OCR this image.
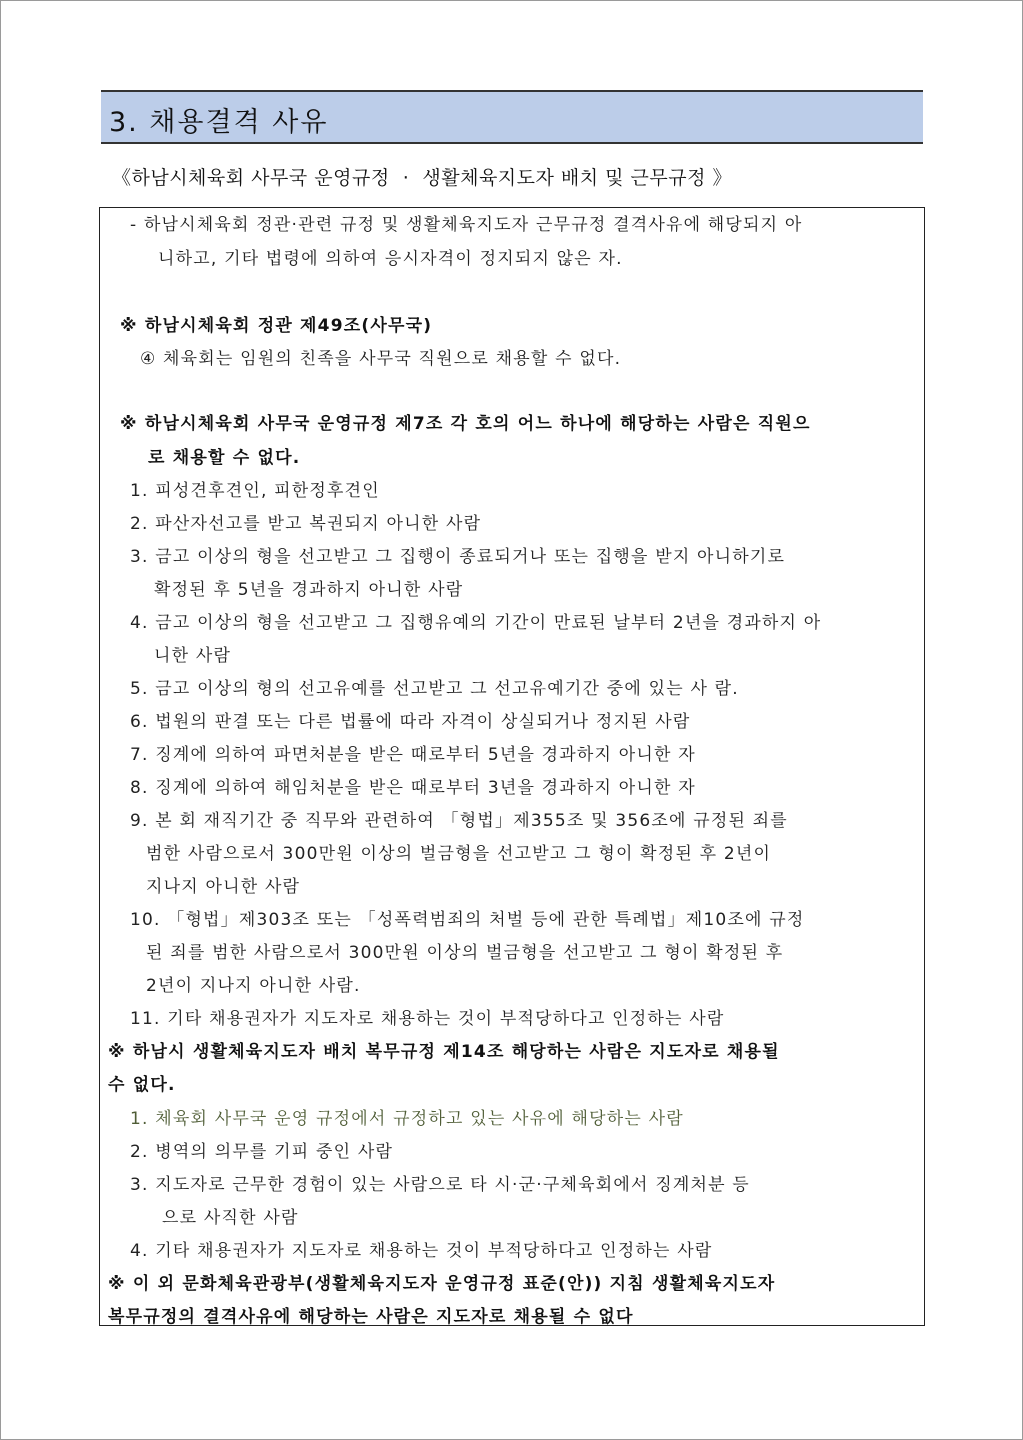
3. 채용결격 사유
《하남시체육회 사무국 운영규정  ·  생활체육지도자 배치 및 근무규정 》
- 하남시체육회 정관·관련 규정 및 생활체육지도자 근무규정 결격사유에 해당되지 아
니하고, 기타 법령에 의하여 응시자격이 정지되지 않은 자.
※ 하남시체육회 정관 제49조(사무국)
④ 체육회는 임원의 친족을 사무국 직원으로 채용할 수 없다.
※ 하남시체육회 사무국 운영규정 제7조 각 호의 어느 하나에 해당하는 사람은 직원으
로 채용할 수 없다.
1. 피성견후견인, 피한정후견인
2. 파산자선고를 받고 복권되지 아니한 사람
3. 금고 이상의 형을 선고받고 그 집행이 종료되거나 또는 집행을 받지 아니하기로
확정된 후 5년을 경과하지 아니한 사람
4. 금고 이상의 형을 선고받고 그 집행유예의 기간이 만료된 날부터 2년을 경과하지 아
니한 사람
5. 금고 이상의 형의 선고유예를 선고받고 그 선고유예기간 중에 있는 사 람.
6. 법원의 판결 또는 다른 법률에 따라 자격이 상실되거나 정지된 사람
7. 징계에 의하여 파면처분을 받은 때로부터 5년을 경과하지 아니한 자
8. 징계에 의하여 해임처분을 받은 때로부터 3년을 경과하지 아니한 자
9. 본 회 재직기간 중 직무와 관련하여 「형법」제355조 및 356조에 규정된 죄를
범한 사람으로서 300만원 이상의 벌금형을 선고받고 그 형이 확정된 후 2년이
지나지 아니한 사람
10. 「형법」제303조 또는 「성폭력범죄의 처벌 등에 관한 특례법」제10조에 규정
된 죄를 범한 사람으로서 300만원 이상의 벌금형을 선고받고 그 형이 확정된 후
2년이 지나지 아니한 사람.
11. 기타 채용권자가 지도자로 채용하는 것이 부적당하다고 인정하는 사람
※ 하남시 생활체육지도자 배치 복무규정 제14조 해당하는 사람은 지도자로 채용될
수 없다.
1. 체육회 사무국 운영 규정에서 규정하고 있는 사유에 해당하는 사람
2. 병역의 의무를 기피 중인 사람
3. 지도자로 근무한 경험이 있는 사람으로 타 시·군·구체육회에서 징계처분 등
으로 사직한 사람
4. 기타 채용권자가 지도자로 채용하는 것이 부적당하다고 인정하는 사람
※ 이 외 문화체육관광부(생활체육지도자 운영규정 표준(안)) 지침 생활체육지도자
복무규정의 결격사유에 해당하는 사람은 지도자로 채용될 수 없다
